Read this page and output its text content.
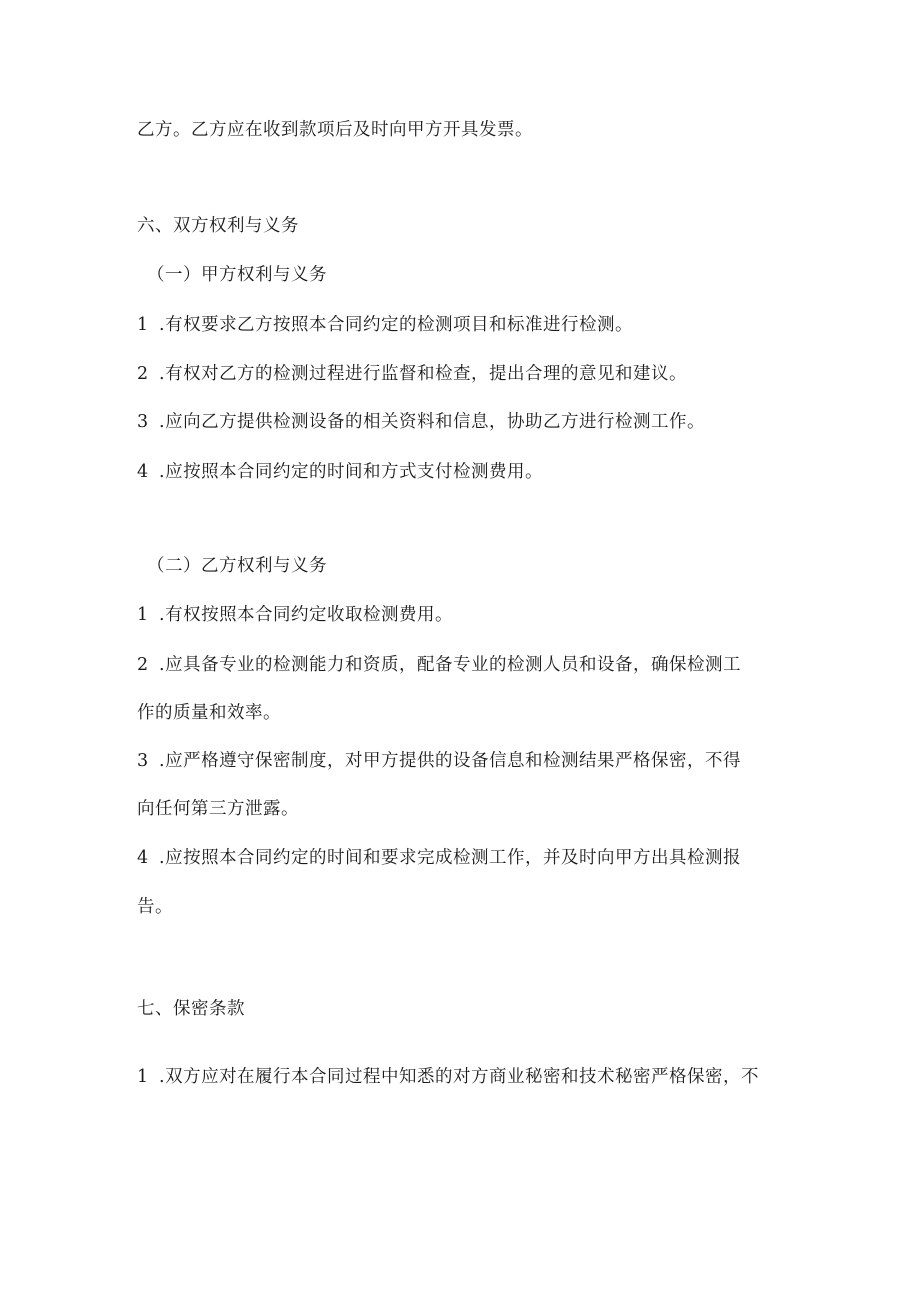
乙方。乙方应在收到款项后及时向甲方开具发票。
六、双方权利与义务
（一）甲方权利与义务
1 .有权要求乙方按照本合同约定的检测项目和标准进行检测。
2 .有权对乙方的检测过程进行监督和检查，提出合理的意见和建议。
3 .应向乙方提供检测设备的相关资料和信息，协助乙方进行检测工作。
4 .应按照本合同约定的时间和方式支付检测费用。
（二）乙方权利与义务
1 .有权按照本合同约定收取检测费用。
2 .应具备专业的检测能力和资质，配备专业的检测人员和设备，确保检测工
作的质量和效率。
3 .应严格遵守保密制度，对甲方提供的设备信息和检测结果严格保密，不得
向任何第三方泄露。
4 .应按照本合同约定的时间和要求完成检测工作，并及时向甲方出具检测报
告。
七、保密条款
1 .双方应对在履行本合同过程中知悉的对方商业秘密和技术秘密严格保密，不
